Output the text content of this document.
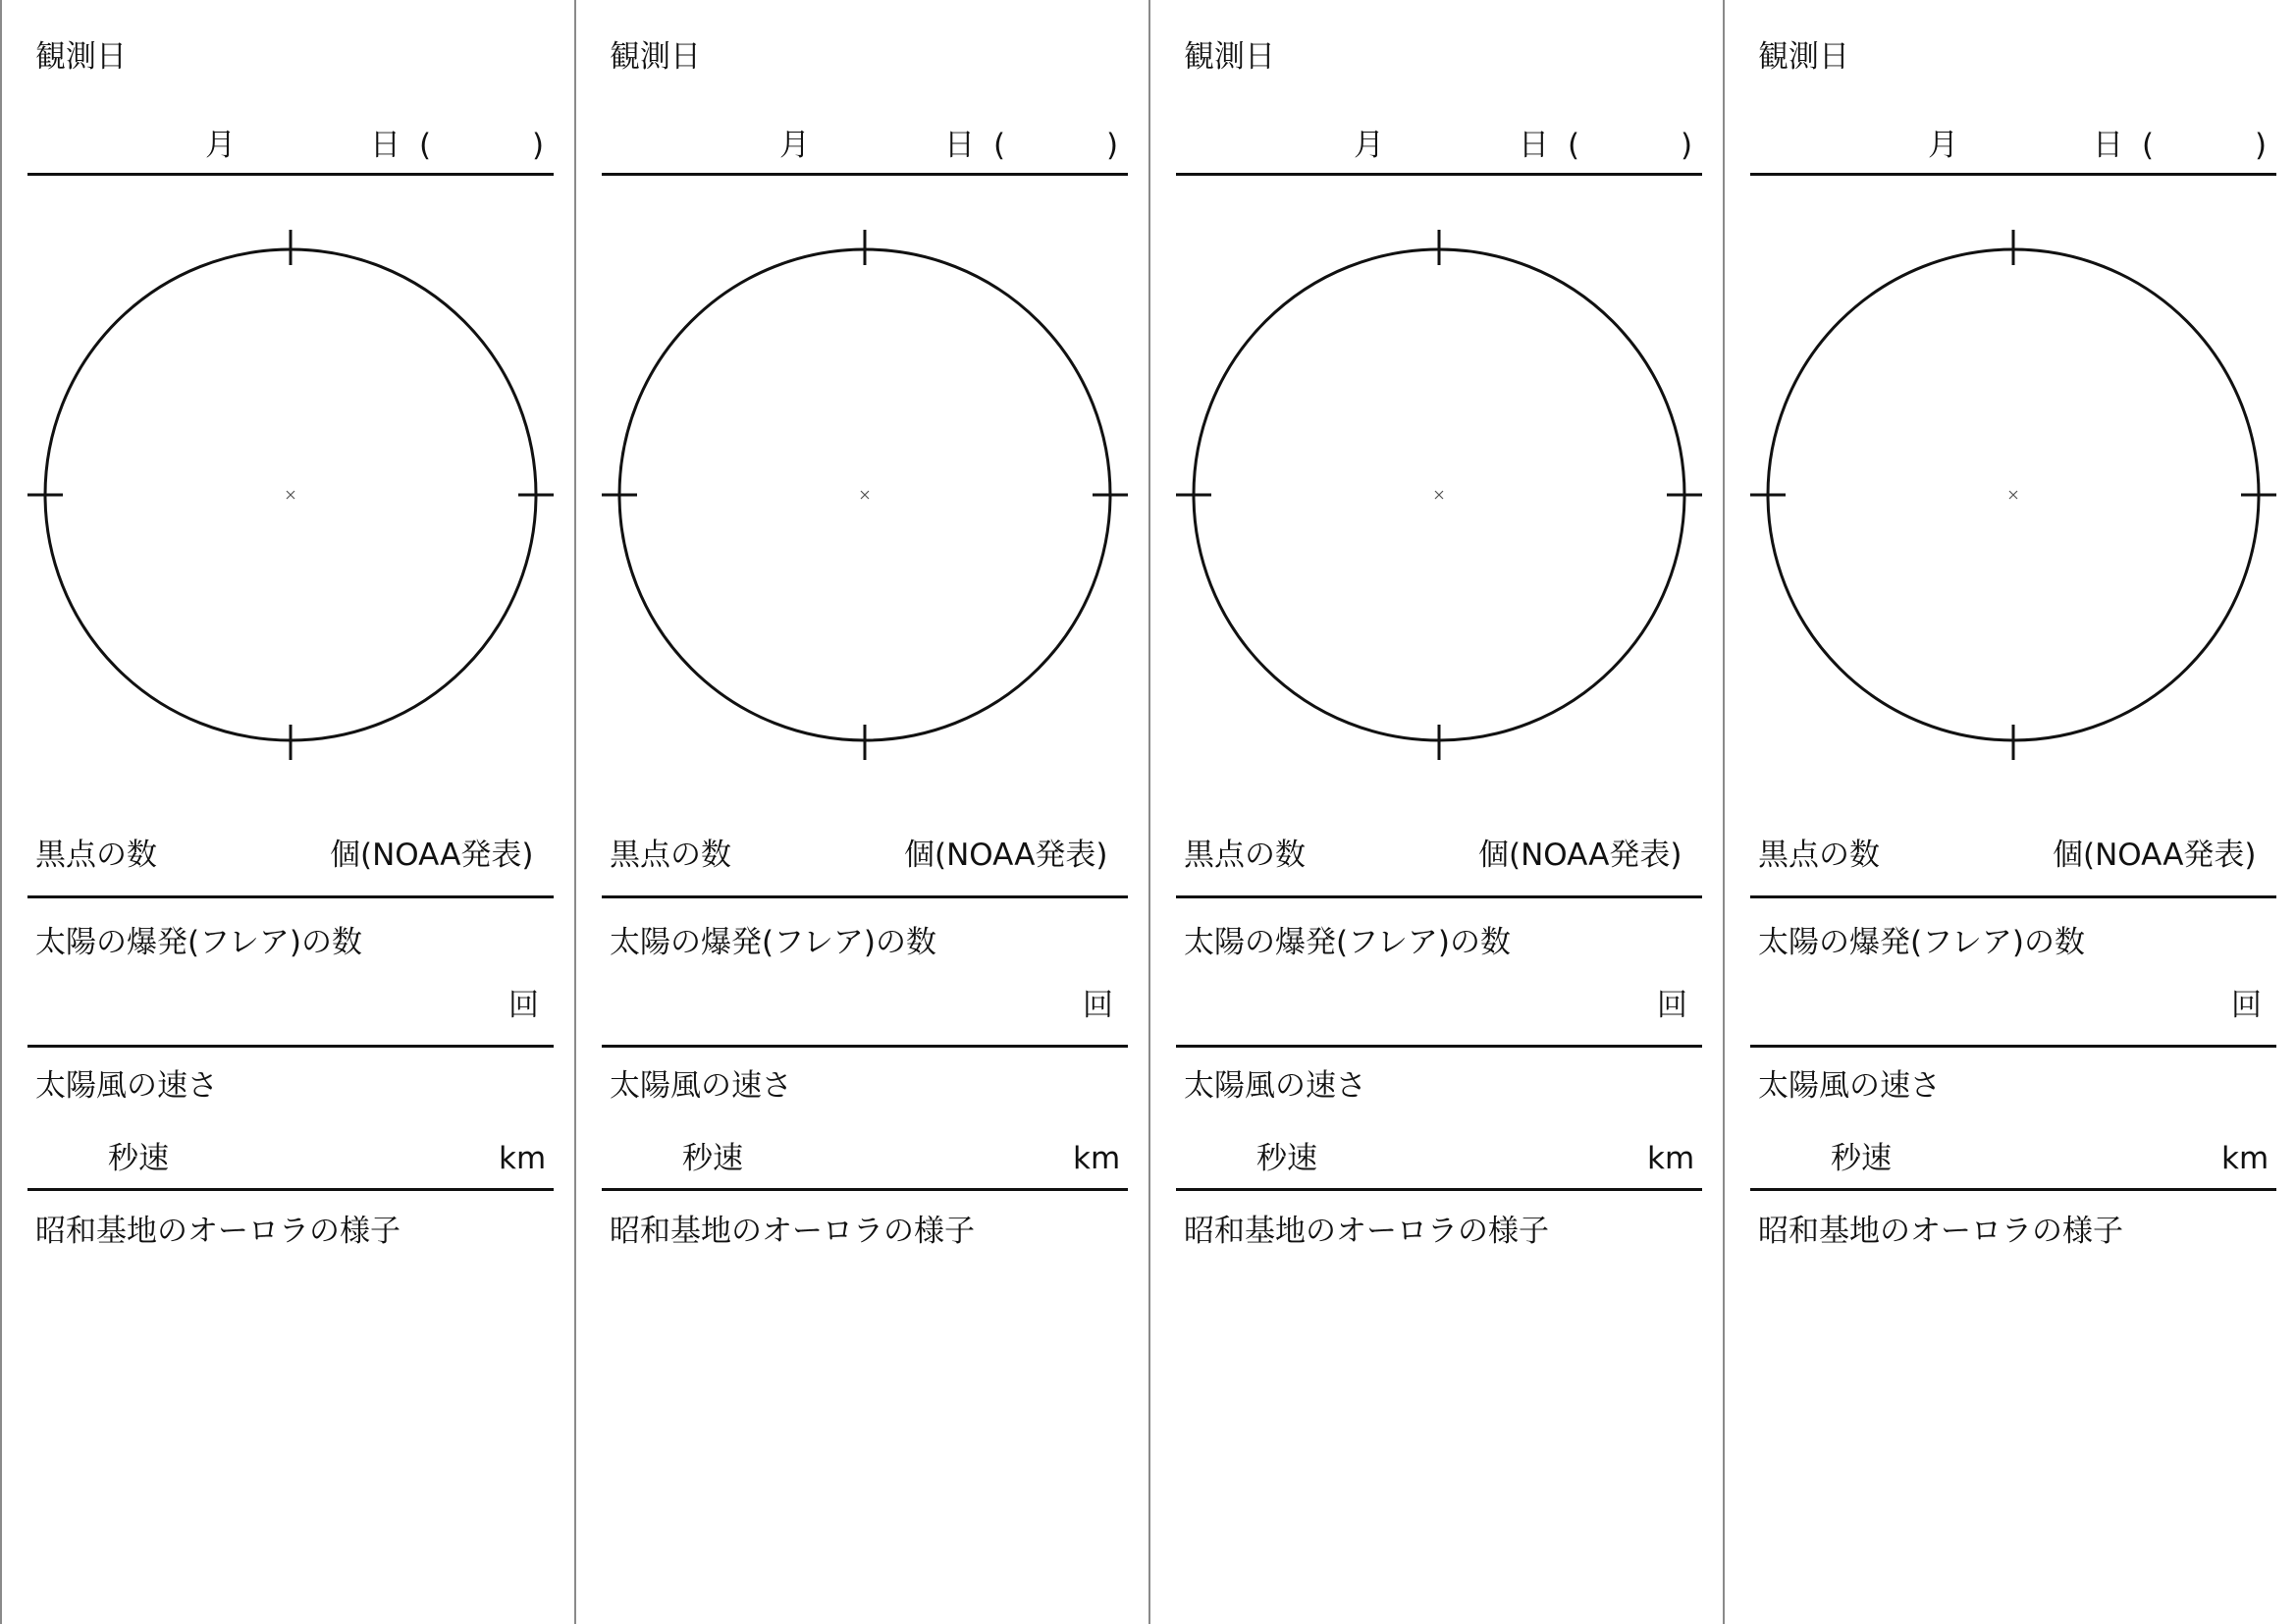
観測日
月	日 (	)
黒点の数	個(NOAA発表)
太陽の爆発(フレア)の数
回
太陽風の速さ
秒速	km
昭和基地のオーロラの様子
観測日
月	日 (	)
黒点の数	個(NOAA発表)
太陽の爆発(フレア)の数
回
太陽風の速さ
秒速	km
昭和基地のオーロラの様子
観測日
月	日 (	)
黒点の数	個(NOAA発表)
太陽の爆発(フレア)の数
回
太陽風の速さ
秒速	km
昭和基地のオーロラの様子
観測日
月	日 (	)
黒点の数	個(NOAA発表)
太陽の爆発(フレア)の数
回
太陽風の速さ
秒速	km
昭和基地のオーロラの様子
